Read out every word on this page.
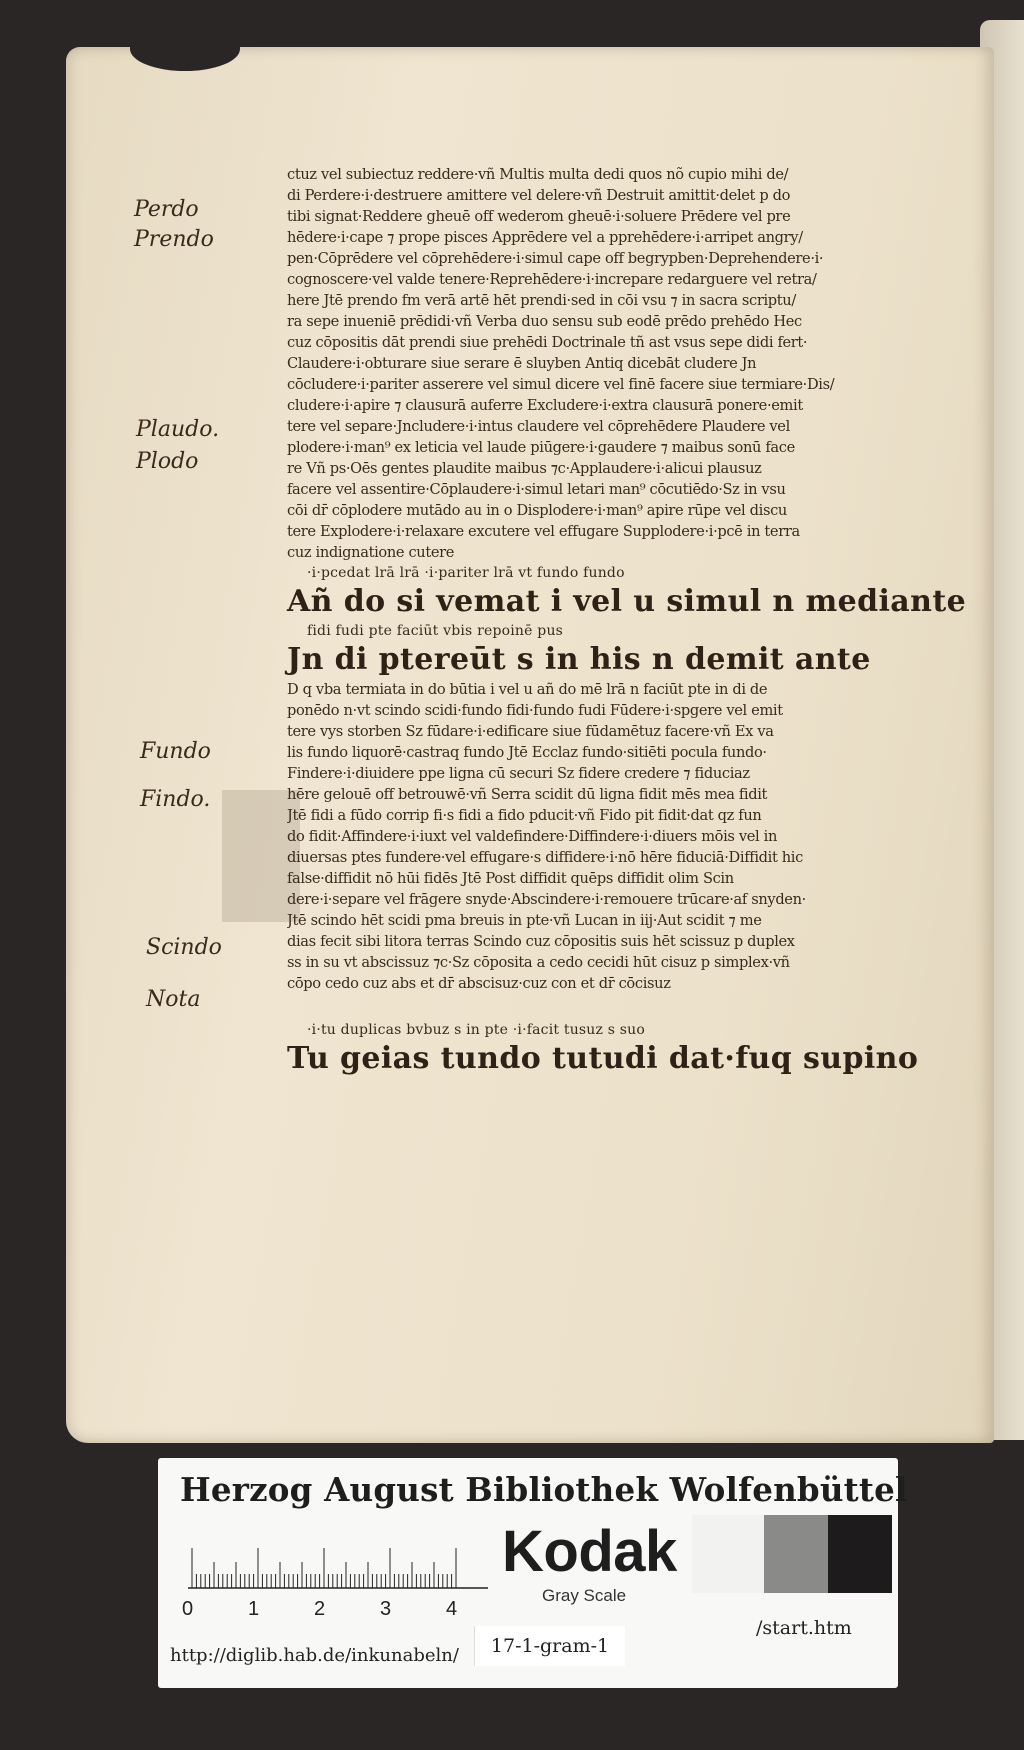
Perdo
Prendo
Plaudo.
Plodo
Fundo
Findo.
Scindo
Nota
ctuz vel subiectuz reddere·vñ Multis multa dedi quos nõ cupio mihi de/
di Perdere·i·destruere amittere vel delere·vñ Destruit amittit·delet p do
tibi signat·Reddere gheuē off wederom gheuē·i·soluere Prēdere vel pre
hēdere·i·cape ⁊ prope pisces Apprēdere vel a pprehēdere·i·arripet angry/
pen·Cōprēdere vel cōprehēdere·i·simul cape off begrypben·Deprehendere·i·
cognoscere·vel valde tenere·Reprehēdere·i·increpare redarguere vel retra/
here Jtē prendo fm verā artē hēt prendi·sed in cōi vsu ⁊ in sacra scriptu/
ra sepe inueniē prēdidi·vñ Verba duo sensu sub eodē prēdo prehēdo Hec
cuz cōpositis dāt prendi siue prehēdi Doctrinale tñ ast vsus sepe didi fert·
Claudere·i·obturare siue serare ē sluyben Antiq dicebāt cludere Jn
cōcludere·i·pariter asserere vel simul dicere vel finē facere siue termiare·Dis/
cludere·i·apire ⁊ clausurā auferre Excludere·i·extra clausurā ponere·emit
tere vel separe·Jncludere·i·intus claudere vel cōprehēdere Plaudere vel
plodere·i·man⁹ ex leticia vel laude piūgere·i·gaudere ⁊ maibus sonū face
re Vñ ps·Oēs gentes plaudite maibus ⁊c·Applaudere·i·alicui plausuz
facere vel assentire·Cōplaudere·i·simul letari man⁹ cōcutiēdo·Sz in vsu
cōi dr̄ cōplodere mutādo au in o Displodere·i·man⁹ apire rūpe vel discu
tere Explodere·i·relaxare excutere vel effugare Supplodere·i·pcē in terra
cuz indignatione cutere
·i·pcedat lrā lrā ·i·pariter lrā vt fundo fundo
Añ do si vemat i vel u simul n mediante
fidi fudi pte faciūt vbis repoinē pus
Jn di ptereūt s in his n demit ante
D q vba termiata in do būtia i vel u añ do mē lrā n faciūt pte in di de
ponēdo n·vt scindo scidi·fundo fidi·fundo fudi Fūdere·i·spgere vel emit
tere vys storben Sz fūdare·i·edificare siue fūdamētuz facere·vñ Ex va
lis fundo liquorē·castraq fundo Jtē Ecclaz fundo·sitiēti pocula fundo·
Findere·i·diuidere ppe ligna cū securi Sz fidere credere ⁊ fiduciaz
hēre gelouē off betrouwē·vñ Serra scidit dū ligna fidit mēs mea fidit
Jtē fidi a fūdo corrip fi·s fidi a fido pducit·vñ Fido pit fidit·dat qz fun
do fidit·Affindere·i·iuxt vel valdefindere·Diffindere·i·diuers mōis vel in
diuersas ptes fundere·vel effugare·s diffidere·i·nō hēre fiduciā·Diffidit hic
false·diffidit nō hūi fidēs Jtē Post diffidit quēps diffidit olim Scin
dere·i·separe vel frāgere snyde·Abscindere·i·remouere trūcare·af snyden·
Jtē scindo hēt scidi pma breuis in pte·vñ Lucan in iij·Aut scidit ⁊ me
dias fecit sibi litora terras Scindo cuz cōpositis suis hēt scissuz p duplex
ss in su vt abscissuz ⁊c·Sz cōposita a cedo cecidi hūt cisuz p simplex·vñ
cōpo cedo cuz abs et dr̄ abscisuz·cuz con et dr̄ cōcisuz
·i·tu duplicas bvbuz s in pte ·i·facit tusuz s suo
Tu geias tundo tutudi dat·fuq supino
Herzog August Bibliothek Wolfenbüttel
0	1	2	3	4
Kodak
Gray Scale
http://diglib.hab.de/inkunabeln/	17-1-gram-1
/start.htm
